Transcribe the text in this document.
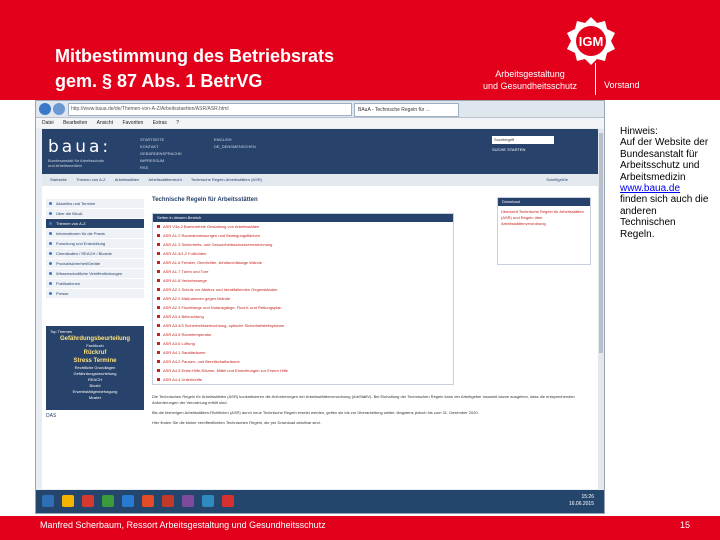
Mitbestimmung des Betriebsrats
gem. § 87 Abs. 1 BetrVG	Arbeitsgestaltung
und Gesundheitsschutz	Vorstand
IGM
http://www.baua.de/de/Themen-von-A-Z/Arbeitsstaetten/ASR/ASR.html	BAuA - Technische Regeln für ...
Datei Bearbeiten Ansicht Favoriten Extras ?
baua:
Bundesanstalt für Arbeitsschutz und Arbeitsmedizin
STARTSEITE
KONTAKT
GEBÄRDENSPRACHE
IMPRESSUM
RSS
ENGLISH
DE_DENSMENSCHEN
Suchbegriff
SUCHE STARTEN
Startseite Themen von A-Z Arbeitsstätten Arbeitsstättenrecht Technische Regeln Arbeitsstätten (ASR)	Schriftgröße
Aktuelles und Termine
Über die BAuA
Themen von A-Z
Informationen für die Praxis
Forschung und Entwicklung
Chemikalien / REACH / Biozide
Produktsicherheit/Geräte
Wissenschaftliche Veröffentlichungen
Publikationen
Presse
Top Themen
Gefährdungsbeurteilung
Fachbuch
Rückruf
Stress Termine
Rechtliche Grundlagen
Gefährdungsbeurteilung
REACH
Biozid
Erwerbstätigenbefragung
Muster
DAS
Technische Regeln für Arbeitsstätten
Seiten in diesem Bereich
ASR V3a.2 Barrierefreie Gestaltung von Arbeitsstätten
ASR A1.2 Raumabmessungen und Bewegungsflächen
ASR A1.3 Sicherheits- und Gesundheitsschutzkennzeichnung
ASR A1.5/1,2 Fußböden
ASR A1.6 Fenster, Oberlichter, lichtdurchlässige Wände
ASR A1.7 Türen und Tore
ASR A1.8 Verkehrswege
ASR A2.1 Schutz vor Absturz und herabfallenden Gegenständen
ASR A2.2 Maßnahmen gegen Brände
ASR A2.3 Fluchtwege und Notausgänge, Flucht- und Rettungsplan
ASR A3.4 Beleuchtung
ASR A3.4/3 Sicherheitsbeleuchtung, optische Sicherheitsleitsysteme
ASR A3.5 Raumtemperatur
ASR A3.6 Lüftung
ASR A4.1 Sanitärräume
ASR A4.2 Pausen- und Bereitschaftsräume
ASR A4.3 Erste-Hilfe-Räume, Mittel und Einrichtungen zur Ersten Hilfe
ASR A4.4 Unterkünfte
Download
Übersicht Technische Regeln für Arbeitsstätten (ASR) und Regeln über Arbeitsstättenverordnung

Die Technischen Regeln für Arbeitsstätten (ASR) konkretisieren die Anforderungen der Arbeitsstättenverordnung (ArbStättV). Bei Einhaltung der Technischen Regeln kann der Arbeitgeber insoweit davon ausgehen, dass die entsprechenden Anforderungen der Verordnung erfüllt sind.

Bis die bisherigen Arbeitsstätten-Richtlinien (ASR) durch neue Technische Regeln ersetzt werden, gelten sie bis zur Überarbeitung weiter, längstens jedoch bis zum 31. Dezember 2020.

Hier finden Sie die bisher veröffentlichten Technischen Regeln, die per Download abrufbar sind.

15:26
16.06.2015
Hinweis:
Auf der Website der Bundesanstalt für Arbeitsschutz und Arbeitsmedizin
www.baua.de
finden sich auch die anderen Technischen Regeln.
Manfred Scherbaum, Ressort Arbeitsgestaltung und Gesundheitsschutz	15
